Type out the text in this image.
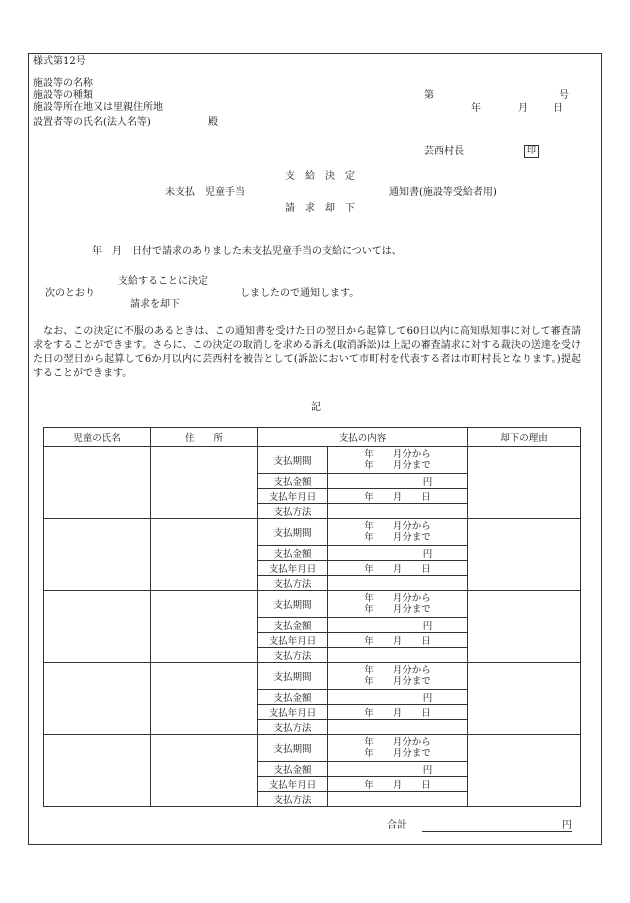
様式第12号
施設等の名称
施設等の種類
施設等所在地又は里親住所地
設置者等の氏名(法人名等)	殿
第	号
年	月	日
芸西村長	印
支　給　決　定
未支払　児童手当	通知書(施設等受給者用)
請　求　却　下
年　月　日付で請求のありました未支払児童手当の支給については、
支給することに決定
次のとおり	しましたので通知します。
請求を却下
なお、この決定に不服のあるときは、この通知書を受けた日の翌日から起算して60日以内に高知県知事に対して審査請求をすることができます。さらに、この決定の取消しを求める訴え(取消訴訟)は上記の審査請求に対する裁決の送達を受けた日の翌日から起算して6か月以内に芸西村を被告として(訴訟において市町村を代表する者は市町村長となります。)提起することができます。
記
児童の氏名	住　　所	支払の内容		却下の理由
		支払期間	年　　月分から
年　　月分まで	

		支払金額	円	
		支払年月日	年　　月　　日	
		支払方法		
		支払期間	年　　月分から
年　　月分まで	

		支払金額	円	
		支払年月日	年　　月　　日	
		支払方法		
		支払期間	年　　月分から
年　　月分まで	

		支払金額	円	
		支払年月日	年　　月　　日	
		支払方法		
		支払期間	年　　月分から
年　　月分まで	

		支払金額	円	
		支払年月日	年　　月　　日	
		支払方法		
		支払期間	年　　月分から
年　　月分まで	

		支払金額	円	
		支払年月日	年　　月　　日	
		支払方法		
合計	円
